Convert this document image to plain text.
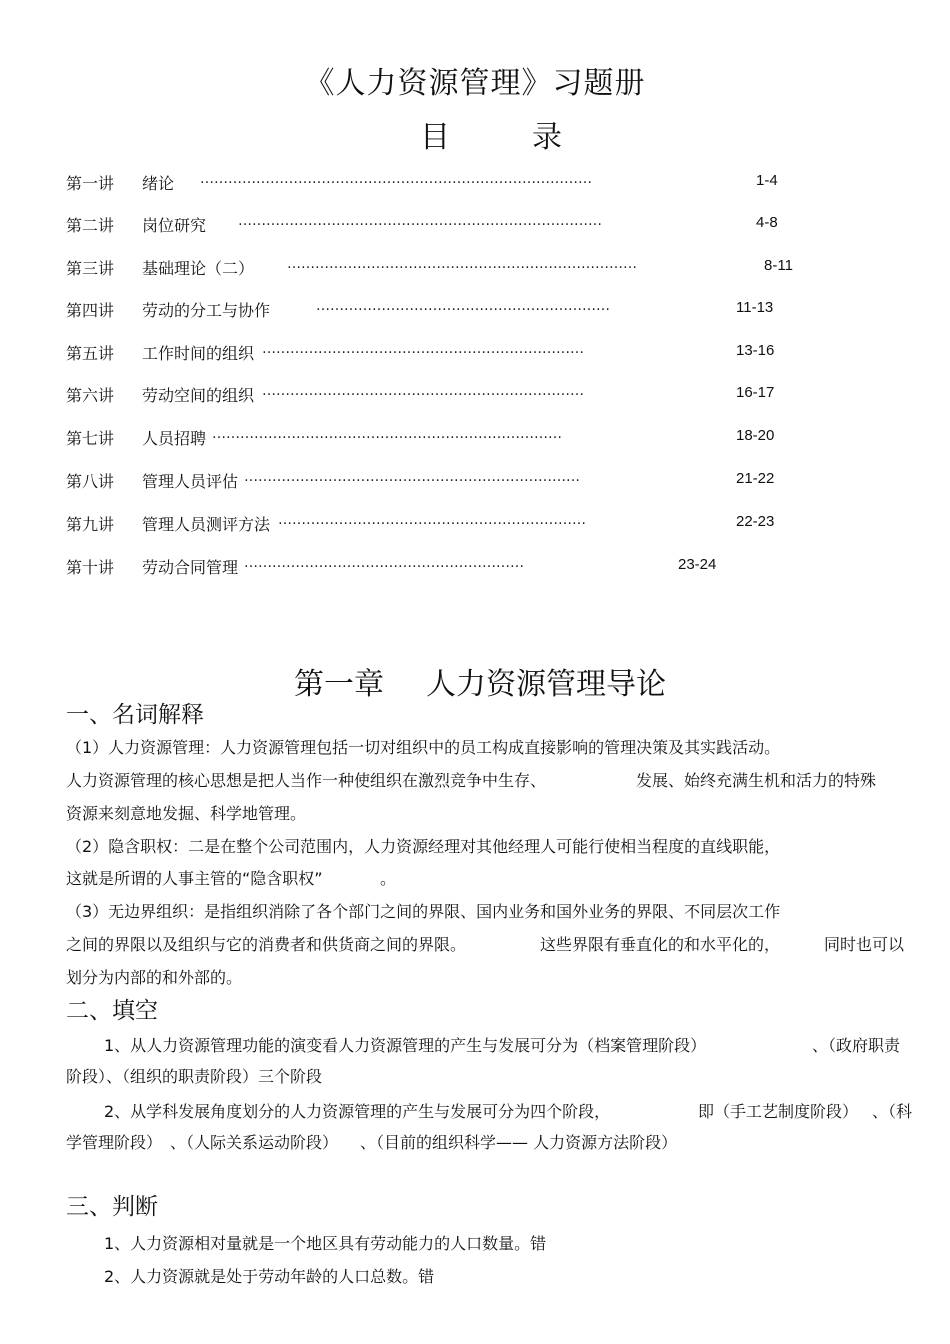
《人力资源管理》习题册
目	录
第一讲 绪论 …………………………………………………………………………	1-4
第二讲 岗位研究 ……………………………………………………………………	4-8
第三讲 基础理论（二） …………………………………………………………………	8-11
第四讲 劳动的分工与协作	………………………………………………………	11-13
第五讲 工作时间的组织 ……………………………………………………………	13-16
第六讲 劳动空间的组织 ……………………………………………………………	16-17
第七讲 人员招聘 …………………………………………………………………	18-20
第八讲 管理人员评估 ………………………………………………………………	21-22
第九讲 管理人员测评方法 …………………………………………………………	22-23
第十讲 劳动合同管理 ……………………………………………………	23-24
第一章 人力资源管理导论
一、名词解释
（1）人力资源管理：人力资源管理包括一切对组织中的员工构成直接影响的管理决策及其实践活动。
人力资源管理的核心思想是把人当作一种使组织在激烈竞争中生存、	发展、始终充满生机和活力的特殊
资源来刻意地发掘、科学地管理。
（2）隐含职权：二是在整个公司范围内，人力资源经理对其他经理人可能行使相当程度的直线职能，
这就是所谓的人事主管的“隐含职权”	。
（3）无边界组织：是指组织消除了各个部门之间的界限、国内业务和国外业务的界限、不同层次工作
之间的界限以及组织与它的消费者和供货商之间的界限。	这些界限有垂直化的和水平化的，	同时也可以
划分为内部的和外部的。
二、填空
1、从人力资源管理功能的演变看人力资源管理的产生与发展可分为（档案管理阶段）	、（政府职责
阶段）、（组织的职责阶段）三个阶段
2、从学科发展角度划分的人力资源管理的产生与发展可分为四个阶段，	即（手工艺制度阶段） 、（科
学管理阶段） 、（人际关系运动阶段） 、（目前的组织科学—— 人力资源方法阶段）
三、判断
1、人力资源相对量就是一个地区具有劳动能力的人口数量。错
2、人力资源就是处于劳动年龄的人口总数。错
